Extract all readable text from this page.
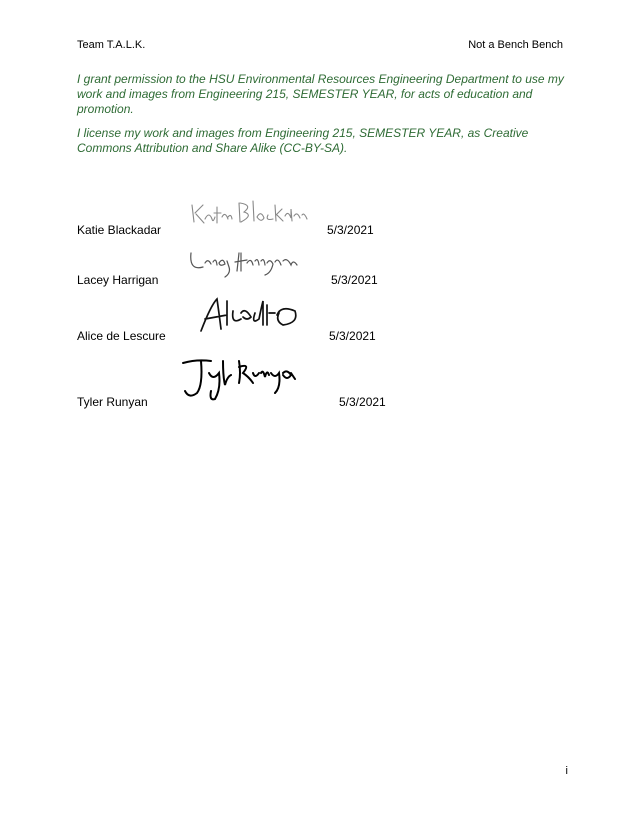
Team T.A.L.K.	Not a Bench Bench
I grant permission to the HSU Environmental Resources Engineering Department to use my work and images from Engineering 215, SEMESTER YEAR, for acts of education and promotion.
I license my work and images from Engineering 215, SEMESTER YEAR, as Creative Commons Attribution and Share Alike (CC-BY-SA).
Katie Blackadar	5/3/2021
Lacey Harrigan	5/3/2021
Alice de Lescure	5/3/2021
Tyler Runyan	5/3/2021
i
